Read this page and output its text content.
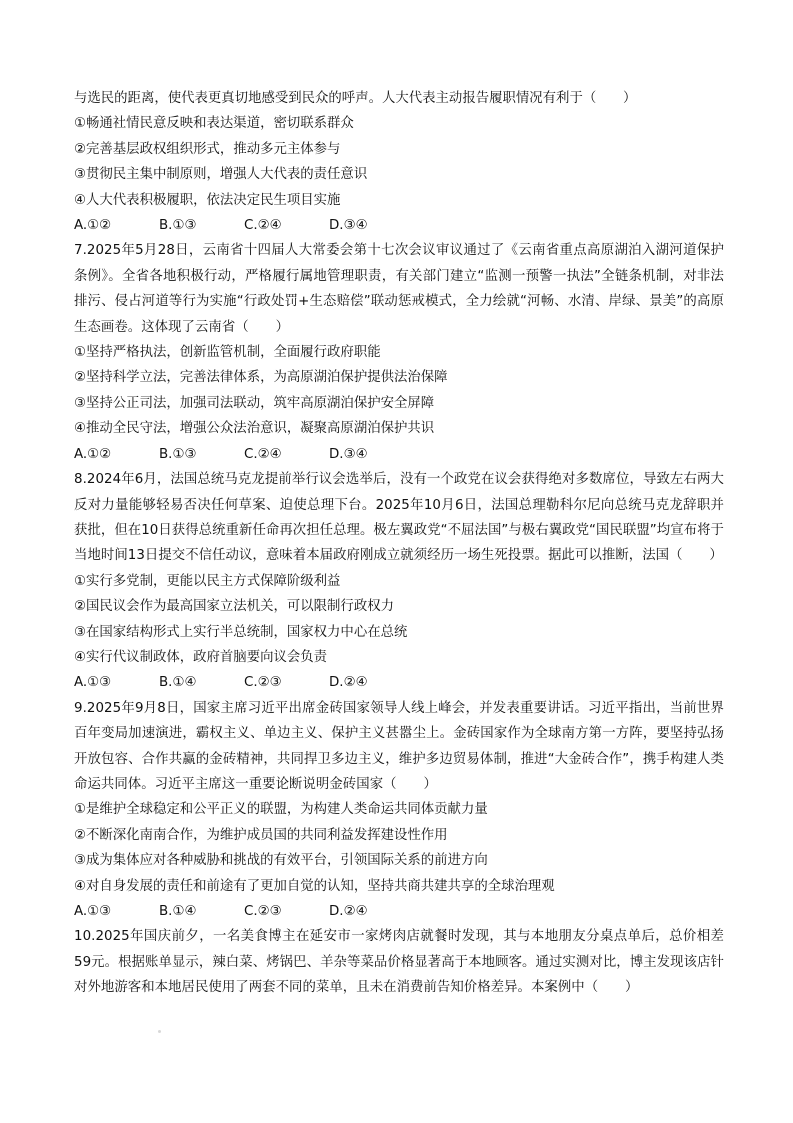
与选民的距离，使代表更真切地感受到民众的呼声。人大代表主动报告履职情况有利于（　　）

①畅通社情民意反映和表达渠道，密切联系群众

②完善基层政权组织形式，推动多元主体参与

③贯彻民主集中制原则，增强人大代表的责任意识

④人大代表积极履职，依法决定民生项目实施

A.①②	B.①③	C.②④	D.③④

7.2025年5月28日，云南省十四届人大常委会第十七次会议审议通过了《云南省重点高原湖泊入湖河道保护条例》。全省各地积极行动，严格履行属地管理职责，有关部门建立“监测一预警一执法”全链条机制，对非法排污、侵占河道等行为实施“行政处罚+生态赔偿”联动惩戒模式，全力绘就“河畅、水清、岸绿、景美”的高原生态画卷。这体现了云南省（　　）

①坚持严格执法，创新监管机制，全面履行政府职能

②坚持科学立法，完善法律体系，为高原湖泊保护提供法治保障

③坚持公正司法，加强司法联动，筑牢高原湖泊保护安全屏障

④推动全民守法，增强公众法治意识，凝聚高原湖泊保护共识

A.①②	B.①③	C.②④	D.③④

8.2024年6月，法国总统马克龙提前举行议会选举后，没有一个政党在议会获得绝对多数席位，导致左右两大反对力量能够轻易否决任何草案、迫使总理下台。2025年10月6日，法国总理勒科尔尼向总统马克龙辞职并获批，但在10日获得总统重新任命再次担任总理。极左翼政党“不屈法国”与极右翼政党“国民联盟”均宣布将于当地时间13日提交不信任动议，意味着本届政府刚成立就须经历一场生死投票。据此可以推断，法国（　　）

①实行多党制，更能以民主方式保障阶级利益

②国民议会作为最高国家立法机关，可以限制行政权力

③在国家结构形式上实行半总统制，国家权力中心在总统

④实行代议制政体，政府首脑要向议会负责

A.①③	B.①④	C.②③	D.②④

9.2025年9月8日，国家主席习近平出席金砖国家领导人线上峰会，并发表重要讲话。习近平指出，当前世界百年变局加速演进，霸权主义、单边主义、保护主义甚嚣尘上。金砖国家作为全球南方第一方阵，要坚持弘扬开放包容、合作共赢的金砖精神，共同捍卫多边主义，维护多边贸易体制，推进“大金砖合作”，携手构建人类命运共同体。习近平主席这一重要论断说明金砖国家（　　）

①是维护全球稳定和公平正义的联盟，为构建人类命运共同体贡献力量

②不断深化南南合作，为维护成员国的共同利益发挥建设性作用

③成为集体应对各种威胁和挑战的有效平台，引领国际关系的前进方向

④对自身发展的责任和前途有了更加自觉的认知，坚持共商共建共享的全球治理观

A.①③	B.①④	C.②③	D.②④

10.2025年国庆前夕，一名美食博主在延安市一家烤肉店就餐时发现，其与本地朋友分桌点单后，总价相差59元。根据账单显示，辣白菜、烤锅巴、羊杂等菜品价格显著高于本地顾客。通过实测对比，博主发现该店针对外地游客和本地居民使用了两套不同的菜单，且未在消费前告知价格差异。本案例中（　　）
